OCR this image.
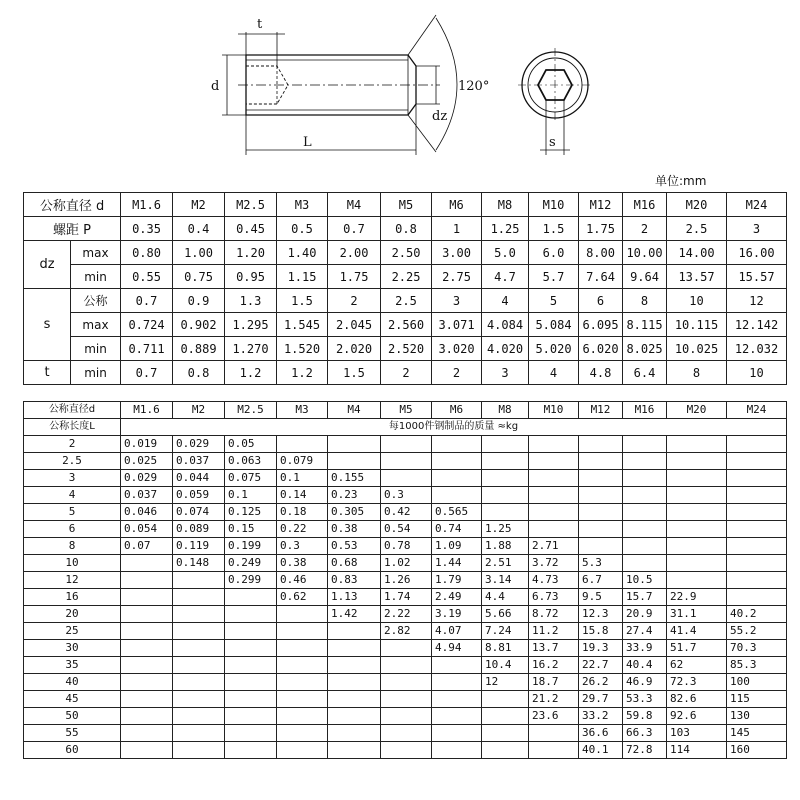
t
d
L
dz
120°
s
单位:mm
公称直径 d		M1.6	M2	M2.5	M3	M4	M5	M6	M8	M10	M12	M16	M20	M24
螺距 P		0.35	0.4	0.45	0.5	0.7	0.8	1	1.25	1.5	1.75	2	2.5	3
dz	max	0.80	1.00	1.20	1.40	2.00	2.50	3.00	5.0	6.0	8.00	10.00	14.00	16.00
	min	0.55	0.75	0.95	1.15	1.75	2.25	2.75	4.7	5.7	7.64	9.64	13.57	15.57
s	公称	0.7	0.9	1.3	1.5	2	2.5	3	4	5	6	8	10	12
	max	0.724	0.902	1.295	1.545	2.045	2.560	3.071	4.084	5.084	6.095	8.115	10.115	12.142
	min	0.711	0.889	1.270	1.520	2.020	2.520	3.020	4.020	5.020	6.020	8.025	10.025	12.032
t	min	0.7	0.8	1.2	1.2	1.5	2	2	3	4	4.8	6.4	8	10
公称直径d	M1.6	M2	M2.5	M3	M4	M5	M6	M8	M10	M12	M16	M20	M24
公称长度L	每1000件钢制品的质量 ≈kg												
2	0.019	0.029	0.05										
2.5	0.025	0.037	0.063	0.079									
3	0.029	0.044	0.075	0.1	0.155								
4	0.037	0.059	0.1	0.14	0.23	0.3							
5	0.046	0.074	0.125	0.18	0.305	0.42	0.565						
6	0.054	0.089	0.15	0.22	0.38	0.54	0.74	1.25					
8	0.07	0.119	0.199	0.3	0.53	0.78	1.09	1.88	2.71				
10		0.148	0.249	0.38	0.68	1.02	1.44	2.51	3.72	5.3			
12			0.299	0.46	0.83	1.26	1.79	3.14	4.73	6.7	10.5		
16				0.62	1.13	1.74	2.49	4.4	6.73	9.5	15.7	22.9	
20					1.42	2.22	3.19	5.66	8.72	12.3	20.9	31.1	40.2
25						2.82	4.07	7.24	11.2	15.8	27.4	41.4	55.2
30							4.94	8.81	13.7	19.3	33.9	51.7	70.3
35								10.4	16.2	22.7	40.4	62	85.3
40								12	18.7	26.2	46.9	72.3	100
45									21.2	29.7	53.3	82.6	115
50									23.6	33.2	59.8	92.6	130
55										36.6	66.3	103	145
60										40.1	72.8	114	160
